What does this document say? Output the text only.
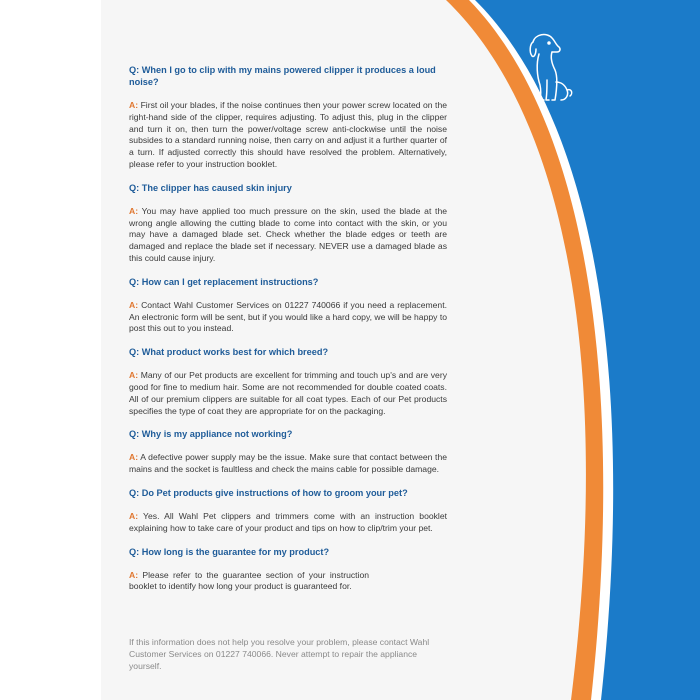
Q: When I go to clip with my mains powered clipper it produces a loud noise?

A: First oil your blades, if the noise continues then your power screw located on the right-hand side of the clipper, requires adjusting. To adjust this, plug in the clipper and turn it on, then turn the power/voltage screw anti-clockwise until the noise subsides to a standard running noise, then carry on and adjust it a further quarter of a turn. If adjusted correctly this should have resolved the problem. Alternatively, please refer to your instruction booklet.

Q: The clipper has caused skin injury

A: You may have applied too much pressure on the skin, used the blade at the wrong angle allowing the cutting blade to come into contact with the skin, or you may have a damaged blade set. Check whether the blade edges or teeth are damaged and replace the blade set if necessary. NEVER use a damaged blade as this could cause injury.

Q: How can I get replacement instructions?

A: Contact Wahl Customer Services on 01227 740066 if you need a replacement. An electronic form will be sent, but if you would like a hard copy, we will be happy to post this out to you instead.

Q: What product works best for which breed?

A: Many of our Pet products are excellent for trimming and touch up's and are very good for fine to medium hair. Some are not recommended for double coated coats. All of our premium clippers are suitable for all coat types. Each of our Pet products specifies the type of coat they are appropriate for on the packaging.

Q: Why is my appliance not working?

A: A defective power supply may be the issue. Make sure that contact between the mains and the socket is faultless and check the mains cable for possible damage.

Q: Do Pet products give instructions of how to groom your pet?

A: Yes. All Wahl Pet clippers and trimmers come with an instruction booklet explaining how to take care of your product and tips on how to clip/trim your pet.

Q: How long is the guarantee for my product?

A: Please refer to the guarantee section of your instruction booklet to identify how long your product is guaranteed for.

If this information does not help you resolve your problem, please contact Wahl Customer Services on 01227 740066. Never attempt to repair the appliance yourself.
